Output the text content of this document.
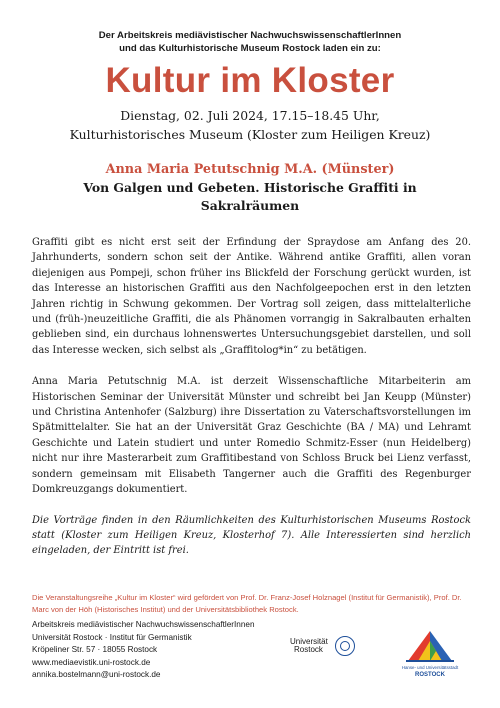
Der Arbeitskreis mediävistischer NachwuchswissenschaftlerInnen
und das Kulturhistorische Museum Rostock laden ein zu:
Kultur im Kloster
Dienstag, 02. Juli 2024, 17.15–18.45 Uhr,
Kulturhistorisches Museum (Kloster zum Heiligen Kreuz)
Anna Maria Petutschnig M.A. (Münster)
Von Galgen und Gebeten. Historische Graffiti in Sakralräumen

Graffiti gibt es nicht erst seit der Erfindung der Spraydose am Anfang des 20. Jahrhunderts, sondern schon seit der Antike. Während antike Graffiti, allen voran diejenigen aus Pompeji, schon früher ins Blickfeld der Forschung gerückt wurden, ist das Interesse an historischen Graffiti aus den Nachfolgeepochen erst in den letzten Jahren richtig in Schwung gekommen. Der Vortrag soll zeigen, dass mittelalterliche und (früh-)neuzeitliche Graffiti, die als Phänomen vorrangig in Sakralbauten erhalten geblieben sind, ein durchaus lohnenswertes Untersuchungsgebiet darstellen, und soll das Interesse wecken, sich selbst als „Graffitolog*in“ zu betätigen.

Anna Maria Petutschnig M.A. ist derzeit Wissenschaftliche Mitarbeiterin am Historischen Seminar der Universität Münster und schreibt bei Jan Keupp (Münster) und Christina Antenhofer (Salzburg) ihre Dissertation zu Vaterschaftsvorstellungen im Spätmittelalter. Sie hat an der Universität Graz Geschichte (BA / MA) und Lehramt Geschichte und Latein studiert und unter Romedio Schmitz-Esser (nun Heidelberg) nicht nur ihre Masterarbeit zum Graffitibestand von Schloss Bruck bei Lienz verfasst, sondern gemeinsam mit Elisabeth Tangerner auch die Graffiti des Regenburger Domkreuzgangs dokumentiert.

Die Vorträge finden in den Räumlichkeiten des Kulturhistorischen Museums Rostock statt (Kloster zum Heiligen Kreuz, Klosterhof 7). Alle Interessierten sind herzlich eingeladen, der Eintritt ist frei.

Die Veranstaltungsreihe „Kultur im Kloster“ wird gefördert von Prof. Dr. Franz-Josef Holznagel (Institut für Germanistik), Prof. Dr. Marc von der Höh (Historisches Institut) und der Universitätsbibliothek Rostock.
Arbeitskreis mediävistischer NachwuchswissenschaftlerInnen
Universität Rostock · Institut für Germanistik
Kröpeliner Str. 57 · 18055 Rostock
www.mediaevistik.uni-rostock.de
annika.bostelmann@uni-rostock.de
Universität
Rostock
Hanse- und Universitätsstadt
ROSTOCK
